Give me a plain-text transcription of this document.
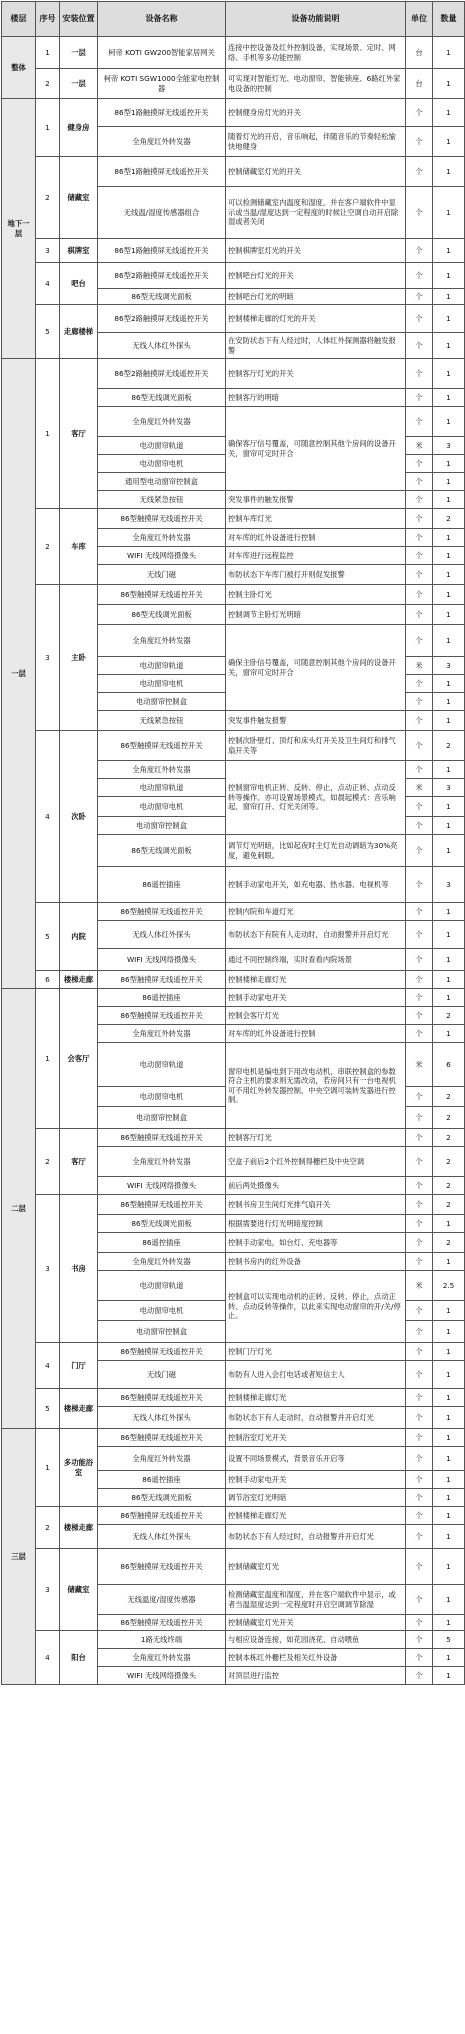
楼层	序号	安装位置	设备名称	设备功能说明	单位	数量
整体	1	一层	柯帝 KOTI GW200智能家居网关	连接中控设备及红外控制设备，实现场景、定时、网络、手机等多功能控制	台	1
	2	一层	柯帝 KOTI SGW1000全能家电控制器	可实现对智能灯光、电动窗帘、智能锁座、6路红外家电设备的控制	台	1
地下一层	1	健身房	86型1路触摸屏无线遥控开关	控制健身房灯光的开关	个	1
			全角度红外转发器	随着灯光的开启，音乐响起，伴随音乐的节奏轻松愉快地健身	个	1
	2	储藏室	86型1路触摸屏无线遥控开关	控制储藏室灯光的开关	个	1
			无线温/湿度传感器组合	可以检测储藏室内温度和湿度，并在客户端软件中显示或当温/湿度达到一定程度的时候让空调自动开启除湿或者关闭	个	1
	3	棋牌室	86型1路触摸屏无线遥控开关	控制棋牌室灯光的开关	个	1
	4	吧台	86型2路触摸屏无线遥控开关	控制吧台灯光的开关	个	1
			86型无线调光面板	控制吧台灯光的明暗	个	1
	5	走廊楼梯	86型2路触摸屏无线遥控开关	控制楼梯走廊的灯光的开关	个	1
			无线人体红外探头	在安防状态下有人经过时，人体红外探测器将触发报警	个	1
一层	1	客厅	86型2路触摸屏无线遥控开关	控制客厅灯光的开关	个	1
			86型无线调光面板	控制客厅的明暗	个	1
			全角度红外转发器	确保客厅信号覆盖，可随意控制其他个房间的设备开关，窗帘可定时开合	个	1
			电动窗帘轨道		米	3
			电动窗帘电机		个	1
			通用型电动窗帘控制盒		个	1
			无线紧急按钮	突发事件的触发报警	个	1
	2	车库	86型触摸屏无线遥控开关	控制车库灯光	个	2
			全角度红外转发器	对车库的红外设备进行控制	个	1
			WIFI 无线网络摄像头	对车库进行远程监控	个	1
			无线门磁	布防状态下车库门被打开则促发报警	个	1
	3	主卧	86型触摸屏无线遥控开关	控制主卧灯光	个	1
			86型无线调光面板	控制调节主卧灯光明暗	个	1
			全角度红外转发器	确保主卧信号覆盖，可随意控制其他个房间的设备开关，窗帘可定时开合	个	1
			电动窗帘轨道		米	3
			电动窗帘电机		个	1
			电动窗帘控制盒		个	1
			无线紧急按钮	突发事件触发报警	个	1
	4	次卧	86型触摸屏无线遥控开关	控制次卧壁灯、顶灯和床头灯开关及卫生间灯和排气扇开关等	个	2
			全角度红外转发器	控制窗帘电机正转、反转、停止，点动正转、点动反转等操作。亦可设置场景模式，如晨起模式：音乐响起、窗帘打开、灯光关闭等。	个	1
			电动窗帘轨道		米	3
			电动窗帘电机		个	1
			电动窗帘控制盒		个	1
			86型无线调光面板	调节灯光明暗，比如起夜时主灯光自动调暗为30%亮度，避免刺眼。	个	1
			86遥控插座	控制手动家电开关，如充电器、热水器、电视机等	个	3
	5	内院	86型触摸屏无线遥控开关	控制内院和车道灯光	个	1
			无线人体红外探头	布防状态下有院有人走动时，自动报警并开启灯光	个	1
			WIFI 无线网络摄像头	通过不同控制终端，实时查看内院场景	个	1
	6	楼梯走廊	86型触摸屏无线遥控开关	控制楼梯走廊灯光	个	1
二层	1	会客厅	86遥控插座	控制手动家电开关	个	1
			86型触摸屏无线遥控开关	控制会客厅灯光	个	2
			全角度红外转发器	对车库的红外设备进行控制	个	1
			电动窗帘轨道	窗帘电机是编电到下用改电动机，串联控制盒的参数符合主机的要求则无需改动，若房间只有一台电视机可不用红外转发器控制，中央空调可装转发器进行控制。	米	6
			电动窗帘电机		个	2
			电动窗帘控制盒		个	2
	2	客厅	86型触摸屏无线遥控开关	控制客厅灯光	个	2
			全角度红外转发器	空盒子前后2个红外控制得栅栏及中央空调	个	2
			WIFI 无线网络摄像头	前后两处摄像头	个	2
	3	书房	86型触摸屏无线遥控开关	控制书房卫生间灯光排气扇开关	个	2
			86型无线调光面板	根据需要进行灯光明暗度控制	个	1
			86遥控插座	控制手动家电，如台灯、充电器等	个	2
			全角度红外转发器	控制书房内的红外设备	个	1
			电动窗帘轨道	控制盒可以实现电动机的正转、反转、停止，点动正转、点动反转等操作，以此来实现电动窗帘的开/关/停止。	米	2.5
			电动窗帘电机		个	1
			电动窗帘控制盒		个	1
	4	门厅	86型触摸屏无线遥控开关	控制门厅灯光	个	1
			无线门磁	布防有人进入会打电话或者短信主人	个	1
	5	楼梯走廊	86型触摸屏无线遥控开关	控制楼梯走廊灯光	个	1
			无线人体红外探头	布防状态下有人走动时，自动报警并开启灯光	个	1
三层	1	多功能浴室	86型触摸屏无线遥控开关	控制浴室灯光开关	个	1
			全角度红外转发器	设置不同场景模式，背景音乐开启等	个	1
			86遥控插座	控制手动家电开关	个	1
			86型无线调光面板	调节浴室灯光明暗	个	1
	2	楼梯走廊	86型触摸屏无线遥控开关	控制楼梯走廊灯光	个	1
			无线人体红外探头	布防状态下有人经过时，自动报警并开启灯光	个	1
	3	储藏室	86型触摸屏无线遥控开关	控制储藏室灯光	个	1
			无线温度/湿度传感器	检测储藏室温度和湿度，并在客户端软件中显示，或者当温湿度达到一定程度时开启空调调节除湿	个	1
			86型触摸屏无线遥控开关	控制储藏室灯光开关	个	1
	4	阳台	1路无线终端	与相应设备连接，如花园浇花、自动喂鱼	个	5
			全角度红外转发器	控制本栋红外栅栏及相关红外设备	个	1
			WIFI 无线网络摄像头	对顶层进行监控	个	1
